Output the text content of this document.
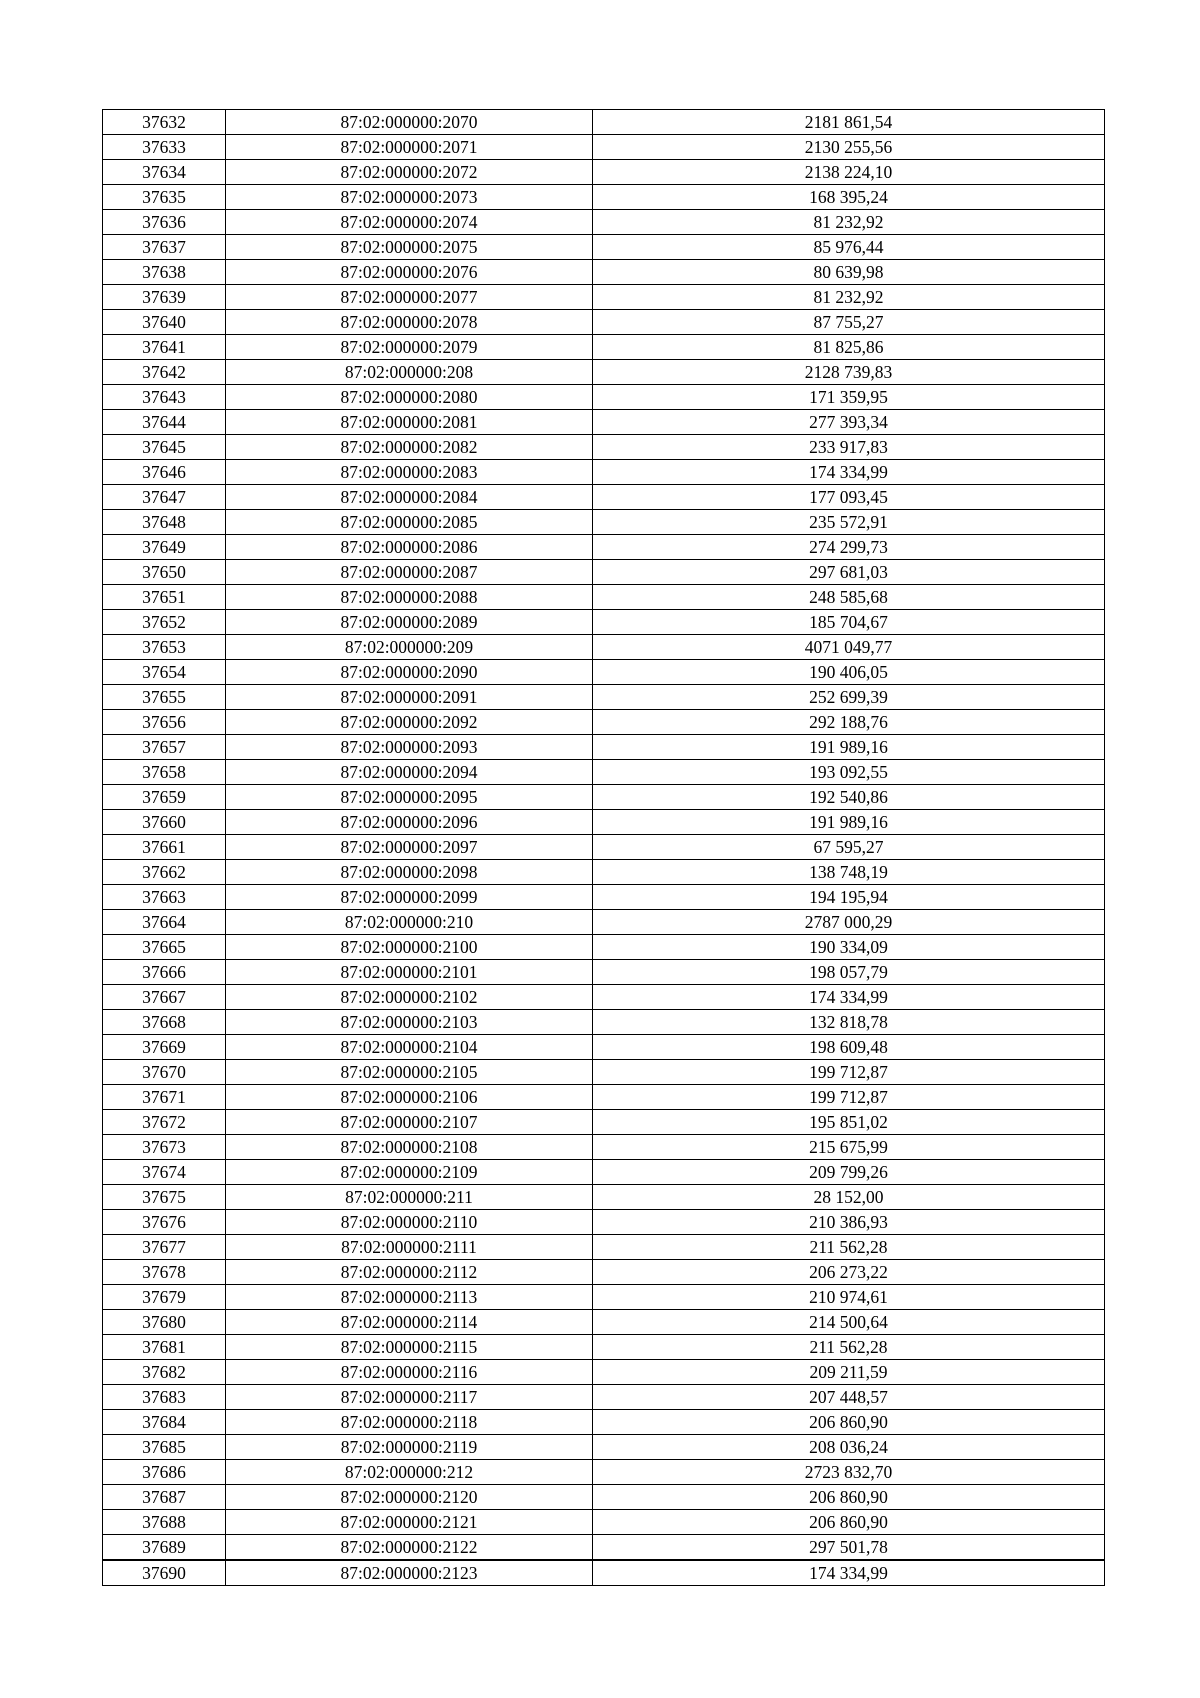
37632	87:02:000000:2070	2181 861,54
37633	87:02:000000:2071	2130 255,56
37634	87:02:000000:2072	2138 224,10
37635	87:02:000000:2073	168 395,24
37636	87:02:000000:2074	81 232,92
37637	87:02:000000:2075	85 976,44
37638	87:02:000000:2076	80 639,98
37639	87:02:000000:2077	81 232,92
37640	87:02:000000:2078	87 755,27
37641	87:02:000000:2079	81 825,86
37642	87:02:000000:208	2128 739,83
37643	87:02:000000:2080	171 359,95
37644	87:02:000000:2081	277 393,34
37645	87:02:000000:2082	233 917,83
37646	87:02:000000:2083	174 334,99
37647	87:02:000000:2084	177 093,45
37648	87:02:000000:2085	235 572,91
37649	87:02:000000:2086	274 299,73
37650	87:02:000000:2087	297 681,03
37651	87:02:000000:2088	248 585,68
37652	87:02:000000:2089	185 704,67
37653	87:02:000000:209	4071 049,77
37654	87:02:000000:2090	190 406,05
37655	87:02:000000:2091	252 699,39
37656	87:02:000000:2092	292 188,76
37657	87:02:000000:2093	191 989,16
37658	87:02:000000:2094	193 092,55
37659	87:02:000000:2095	192 540,86
37660	87:02:000000:2096	191 989,16
37661	87:02:000000:2097	67 595,27
37662	87:02:000000:2098	138 748,19
37663	87:02:000000:2099	194 195,94
37664	87:02:000000:210	2787 000,29
37665	87:02:000000:2100	190 334,09
37666	87:02:000000:2101	198 057,79
37667	87:02:000000:2102	174 334,99
37668	87:02:000000:2103	132 818,78
37669	87:02:000000:2104	198 609,48
37670	87:02:000000:2105	199 712,87
37671	87:02:000000:2106	199 712,87
37672	87:02:000000:2107	195 851,02
37673	87:02:000000:2108	215 675,99
37674	87:02:000000:2109	209 799,26
37675	87:02:000000:211	28 152,00
37676	87:02:000000:2110	210 386,93
37677	87:02:000000:2111	211 562,28
37678	87:02:000000:2112	206 273,22
37679	87:02:000000:2113	210 974,61
37680	87:02:000000:2114	214 500,64
37681	87:02:000000:2115	211 562,28
37682	87:02:000000:2116	209 211,59
37683	87:02:000000:2117	207 448,57
37684	87:02:000000:2118	206 860,90
37685	87:02:000000:2119	208 036,24
37686	87:02:000000:212	2723 832,70
37687	87:02:000000:2120	206 860,90
37688	87:02:000000:2121	206 860,90
37689	87:02:000000:2122	297 501,78
37690	87:02:000000:2123	174 334,99
